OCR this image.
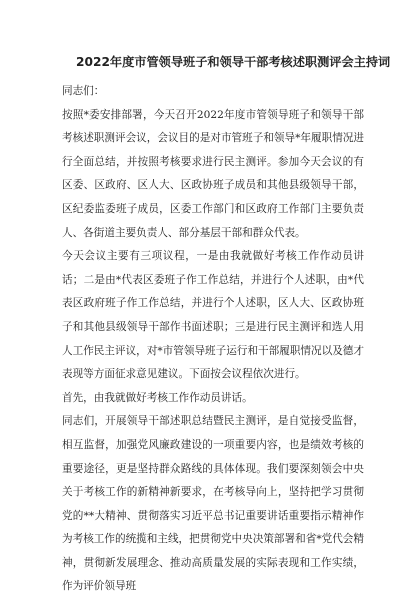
2022年度市管领导班子和领导干部考核述职测评会主持词

同志们：

按照*委安排部署，今天召开2022年度市管领导班子和领导干部考核述职测评会议，会议目的是对市管班子和领导*年履职情况进行全面总结，并按照考核要求进行民主测评。参加今天会议的有区委、区政府、区人大、区政协班子成员和其他县级领导干部，区纪委监委班子成员，区委工作部门和区政府工作部门主要负责人、各街道主要负责人、部分基层干部和群众代表。

今天会议主要有三项议程，一是由我就做好考核工作作动员讲话；二是由*代表区委班子作工作总结，并进行个人述职，由*代表区政府班子作工作总结，并进行个人述职，区人大、区政协班子和其他县级领导干部作书面述职；三是进行民主测评和选人用人工作民主评议，对*市管领导班子运行和干部履职情况以及德才表现等方面征求意见建议。下面按会议程依次进行。

首先，由我就做好考核工作作动员讲话。

同志们，开展领导干部述职总结暨民主测评，是自觉接受监督，相互监督，加强党风廉政建设的一项重要内容，也是绩效考核的重要途径，更是坚持群众路线的具体体现。我们要深刻领会中央关于考核工作的新精神新要求，在考核导向上，坚持把学习贯彻党的**大精神、贯彻落实习近平总书记重要讲话重要指示精神作为考核工作的统揽和主线，把贯彻党中央决策部署和省*党代会精神，贯彻新发展理念、推动高质量发展的实际表现和工作实绩，作为评价领导班
